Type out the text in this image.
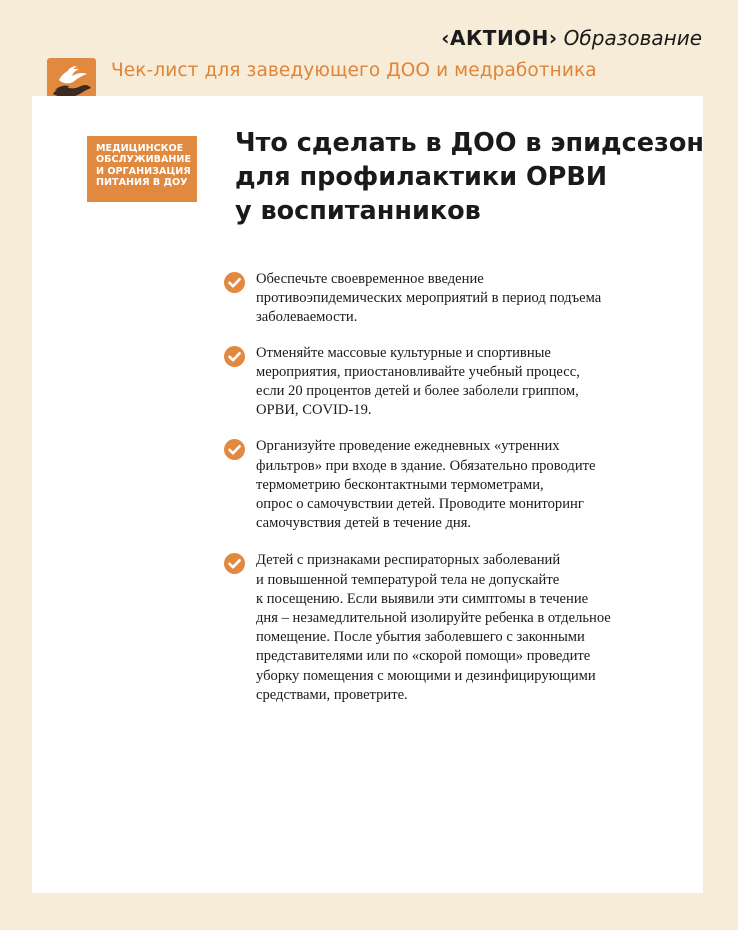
‹АКТИОН› Образование
Чек-лист для заведующего ДОО и медработника
МЕДИЦИНСКОЕ
ОБСЛУЖИВАНИЕ
И ОРГАНИЗАЦИЯ
ПИТАНИЯ В ДОУ
Что сделать в ДОО в эпидсезон
для профилактики ОРВИ
у воспитанников
Обеспечьте своевременное введение
противоэпидемических мероприятий в период подъема
заболеваемости.
Отменяйте массовые культурные и спортивные
мероприятия, приостановливайте учебный процесс,
если 20 процентов детей и более заболели гриппом,
ОРВИ, COVID-19.
Организуйте проведение ежедневных «утренних
фильтров» при входе в здание. Обязательно проводите
термометрию бесконтактными термометрами,
опрос о самочувствии детей. Проводите мониторинг
самочувствия детей в течение дня.
Детей с признаками респираторных заболеваний
и повышенной температурой тела не допускайте
к посещению. Если выявили эти симптомы в течение
дня – незамедлительной изолируйте ребенка в отдельное
помещение. После убытия заболевшего с законными
представителями или по «скорой помощи» проведите
уборку помещения с моющими и дезинфицирующими
средствами, проветрите.
